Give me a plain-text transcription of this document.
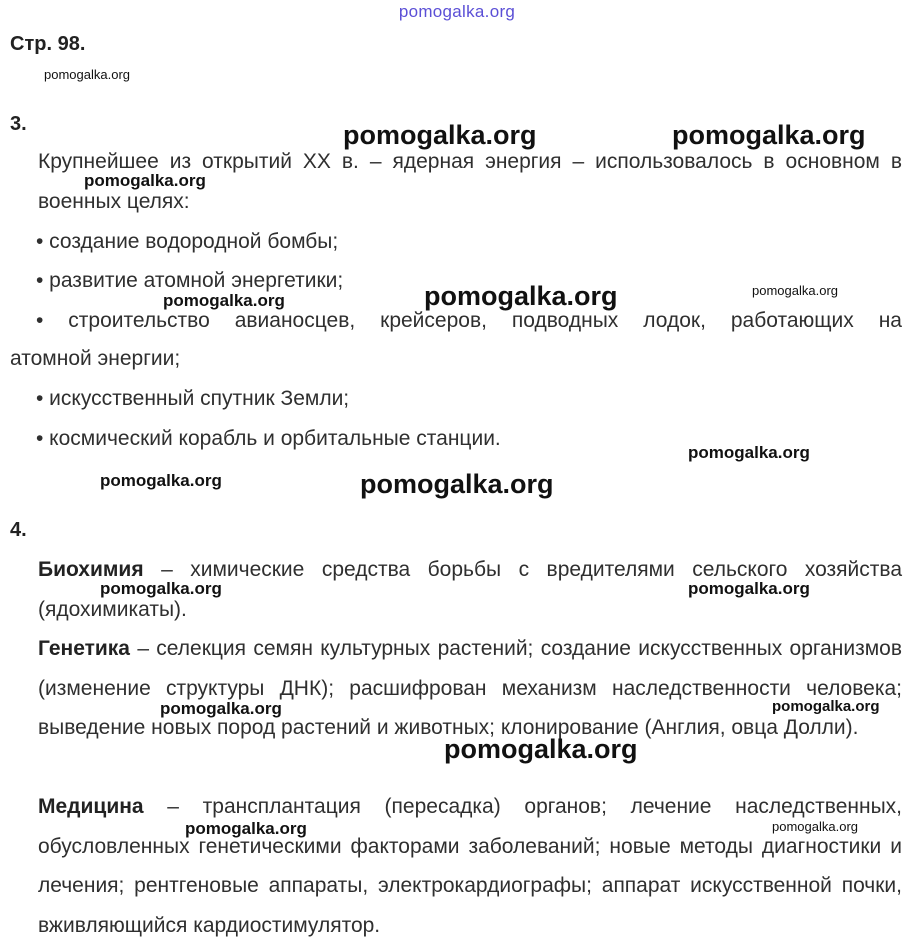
pomogalka.org
Стр. 98.
3.
Крупнейшее из открытий XX в. – ядерная энергия – использовалось в основном в военных целях:
• создание водородной бомбы;
• развитие атомной энергетики;
• строительство авианосцев, крейсеров, подводных лодок, работающих на
атомной энергии;
• искусственный спутник Земли;
• космический корабль и орбитальные станции.
4.
Биохимия – химические средства борьбы с вредителями сельского хозяйства (ядохимикаты).
Генетика – селекция семян культурных растений; создание искусственных организмов (изменение структуры ДНК); расшифрован механизм наследственности человека; выведение новых пород растений и животных; клонирование (Англия, овца Долли).
Медицина – трансплантация (пересадка) органов; лечение наследственных, обусловленных генетическими факторами заболеваний; новые методы диагностики и лечения; рентгеновые аппараты, электрокардиографы; аппарат искусственной почки, вживляющийся кардиостимулятор.
pomogalka.org
pomogalka.org	pomogalka.org
pomogalka.org
pomogalka.org	pomogalka.org	pomogalka.org
pomogalka.org
pomogalka.org	pomogalka.org
pomogalka.org	pomogalka.org
pomogalka.org	pomogalka.org
pomogalka.org
pomogalka.org	pomogalka.org
